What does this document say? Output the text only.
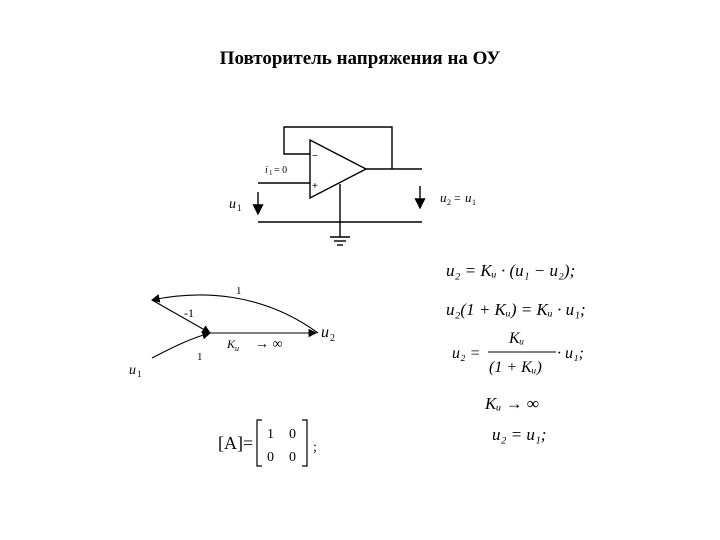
Повторитель напряжения на ОУ
−
+
i 1 = 0
u 1
u 2 = u 1
1
-1
1
K u → ∞
u 2
u 1
[A]= 1 0
0 0
;
u₂ = Kᵤ · (u₁ − u₂);
u₂(1 + Kᵤ) = Kᵤ · u₁;
u₂ =
Kᵤ
(1 + Kᵤ)
· u₁;
Kᵤ → ∞
u₂ = u₁;
